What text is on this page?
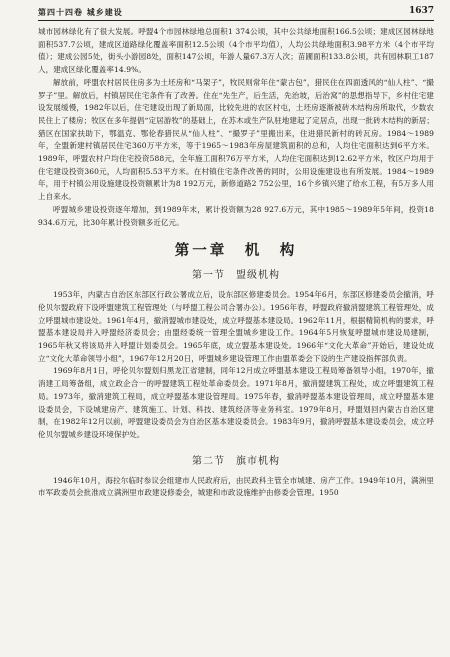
第四十四卷 城乡建设	1637

城市园林绿化有了很大发展。呼盟4个市园林绿地总面积1 374公顷，其中公共绿地面积166.5公顷；建成区园林绿地面积537.7公顷，建成区道路绿化覆盖率面积12.5公顷（4个市平均值），人均公共绿地面积3.98平方米（4个市平均值）；建成公园5处，街头小游园8处，面积147公顷，年游人量67.3万人次；苗圃面积133.8公顷，共有园林职工187人，建成区绿化覆盖率14.9%。

解放前，呼盟农村居民住房多为土坯房和“马架子”，牧民则常年住“蒙古包”，猎民住在四面透风的“仙人柱”、“撮罗子”里。解放后，村镇居民住宅条件有了改善。住在“先生产，后生活，先治坡，后治窝”的思想指导下，乡村住宅建设发展缓慢，1982年以后，住宅建设出现了新局面，比较先进的农区村屯，土坯房逐渐被砖木结构房所取代，少数农民住上了楼房；牧区在多年提倡“定居游牧”的基础上，在苏木或生产队驻地建起了定居点，出现一批砖木结构的新居；猎区在国家扶助下，鄂温克、鄂伦春猎民从“仙人柱”、“撮罗子”里搬出来，住进猎民新村的砖瓦房。1984～1989年，全盟新建村镇居民住宅360万平方米，等于1965～1983年房屋建筑面积的总和，人均住宅面积达到6平方米。1989年，呼盟农村户均住宅投资588元，全年施工面积76万平方米，人均住宅面积达到12.62平方米，牧区户均用于住宅建设投资360元，人均面积5.53平方米。在村镇住宅条件改善的同时，公用设施建设也有所发展。1984～1989年，用于村镇公用设施建设投资额累计为8 192万元，新修道路2 752公里，16个乡镇兴建了给水工程，有5万多人用上自来水。

呼盟城乡建设投资逐年增加，到1989年末，累计投资额为28 927.6万元，其中1985～1989年5年间，投资18 934.6万元，比30年累计投资额多近亿元。

第一章　机　构
第一节　盟级机构

1953年，内蒙古自治区东部区行政公署成立后，设东部区修建委员会。1954年6月，东部区修建委员会撤消，呼伦贝尔盟政府下设呼盟建筑工程管理处（与呼盟工程公司合署办公）。1956年春，呼盟政府撤消盟建筑工程管理处，成立呼盟城市建设处。1961年4月，撤消盟城市建设处，成立呼盟基本建设局。1962年11月，根据精简机构的要求，呼盟基本建设局并入呼盟经济委员会；由盟经委统一管理全盟城乡建设工作。1964年5月恢复呼盟城市建设局建制，1965年秋又将该局并入呼盟计划委员会。1965年底，成立盟基本建设处。1966年“文化大革命”开始后，建设处成立“文化大革命领导小组”，1967年12月20日，呼盟城乡建设管理工作由盟革委会下设的生产建设指挥部负责。

1969年8月1日，呼伦贝尔盟划归黑龙江省建制，同年12月成立呼盟基本建设工程局筹备领导小组，1970年，撤消建工局筹备组，成立政企合一的呼盟建筑工程处革命委员会。1971年8月，撤消盟建筑工程处，成立呼盟建筑工程局。1973年，撤消建筑工程局，成立呼盟基本建设管理局。1975年春，撤消呼盟基本建设管理局，成立呼盟基本建设委员会，下设城建房产、建筑施工、计划、科技、建筑经济等业务科室。1979年8月，呼盟划回内蒙古自治区建制，在1982年12月以前，呼盟建设委员会为自治区基本建设委员会。1983年9月，撤消呼盟基本建设委员会，成立呼伦贝尔盟城乡建设环境保护处。

第二节　旗市机构

1946年10月，海拉尔临时参议会组建市人民政府后，由民政科主管全市城建、房产工作。1949年10月，满洲里市军政委员会批准成立满洲里市政建设修委会，城建和市政设施维护由修委会管理。1950
